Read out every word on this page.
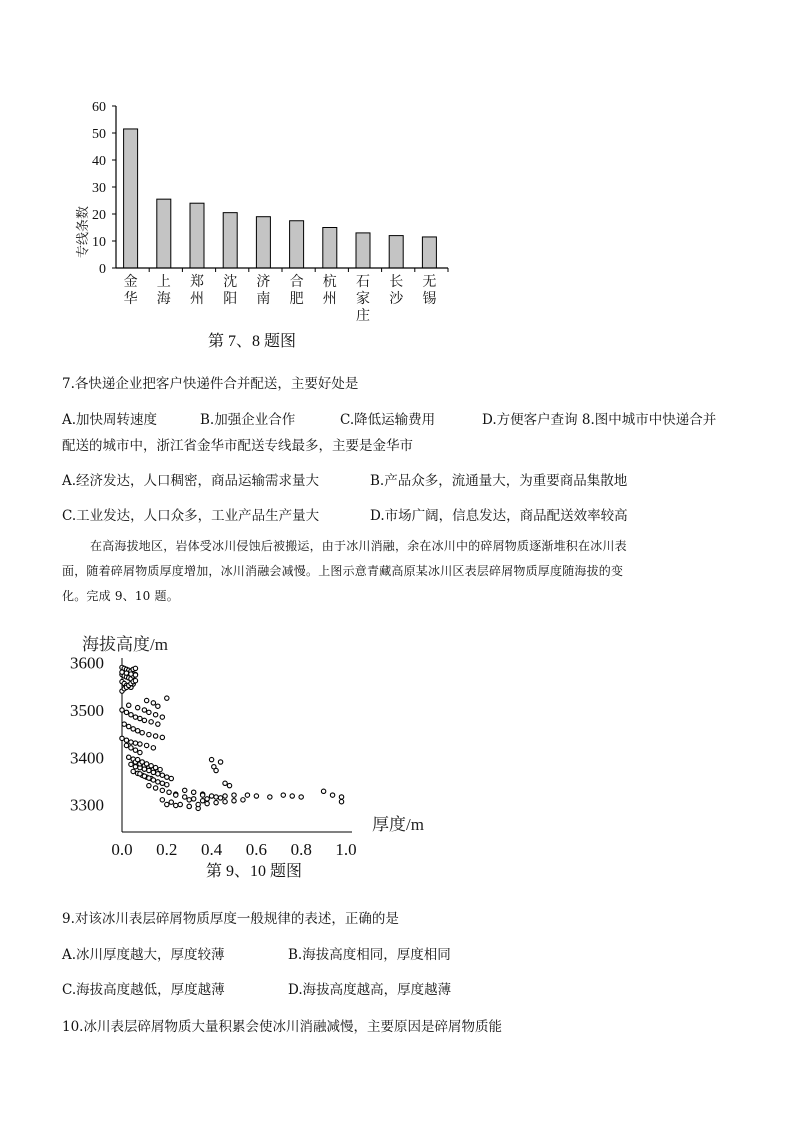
专线条数
0
10
20
30
40
50
60
金
华
上
海
郑
州
沈
阳
济
南
合
肥
杭
州
石
家
庄
长
沙
无
锡
第 7、8 题图
7.各快递企业把客户快递件合并配送，主要好处是
A.加快周转速度	B.加强企业合作	C.降低运输费用	D.方便客户查询 8.图中城市中快递合并
配送的城市中，浙江省金华市配送专线最多，主要是金华市
A.经济发达，人口稠密，商品运输需求量大	B.产品众多，流通量大，为重要商品集散地
C.工业发达，人口众多，工业产品生产量大	D.市场广阔，信息发达，商品配送效率较高
在高海拔地区，岩体受冰川侵蚀后被搬运，由于冰川消融，余在冰川中的碎屑物质逐渐堆积在冰川表
面，随着碎屑物质厚度增加，冰川消融会减慢。上图示意青藏高原某冰川区表层碎屑物质厚度随海拔的变
化。完成 9、10 题。
海拔高度/m
厚度/m
3300
3400
3500
3600
0.0 0.2 0.4 0.6 0.8 1.0
第 9、10 题图
9.对该冰川表层碎屑物质厚度一般规律的表述，正确的是
A.冰川厚度越大，厚度较薄	B.海拔高度相同，厚度相同
C.海拔高度越低，厚度越薄	D.海拔高度越高，厚度越薄
10.冰川表层碎屑物质大量积累会使冰川消融减慢，主要原因是碎屑物质能
